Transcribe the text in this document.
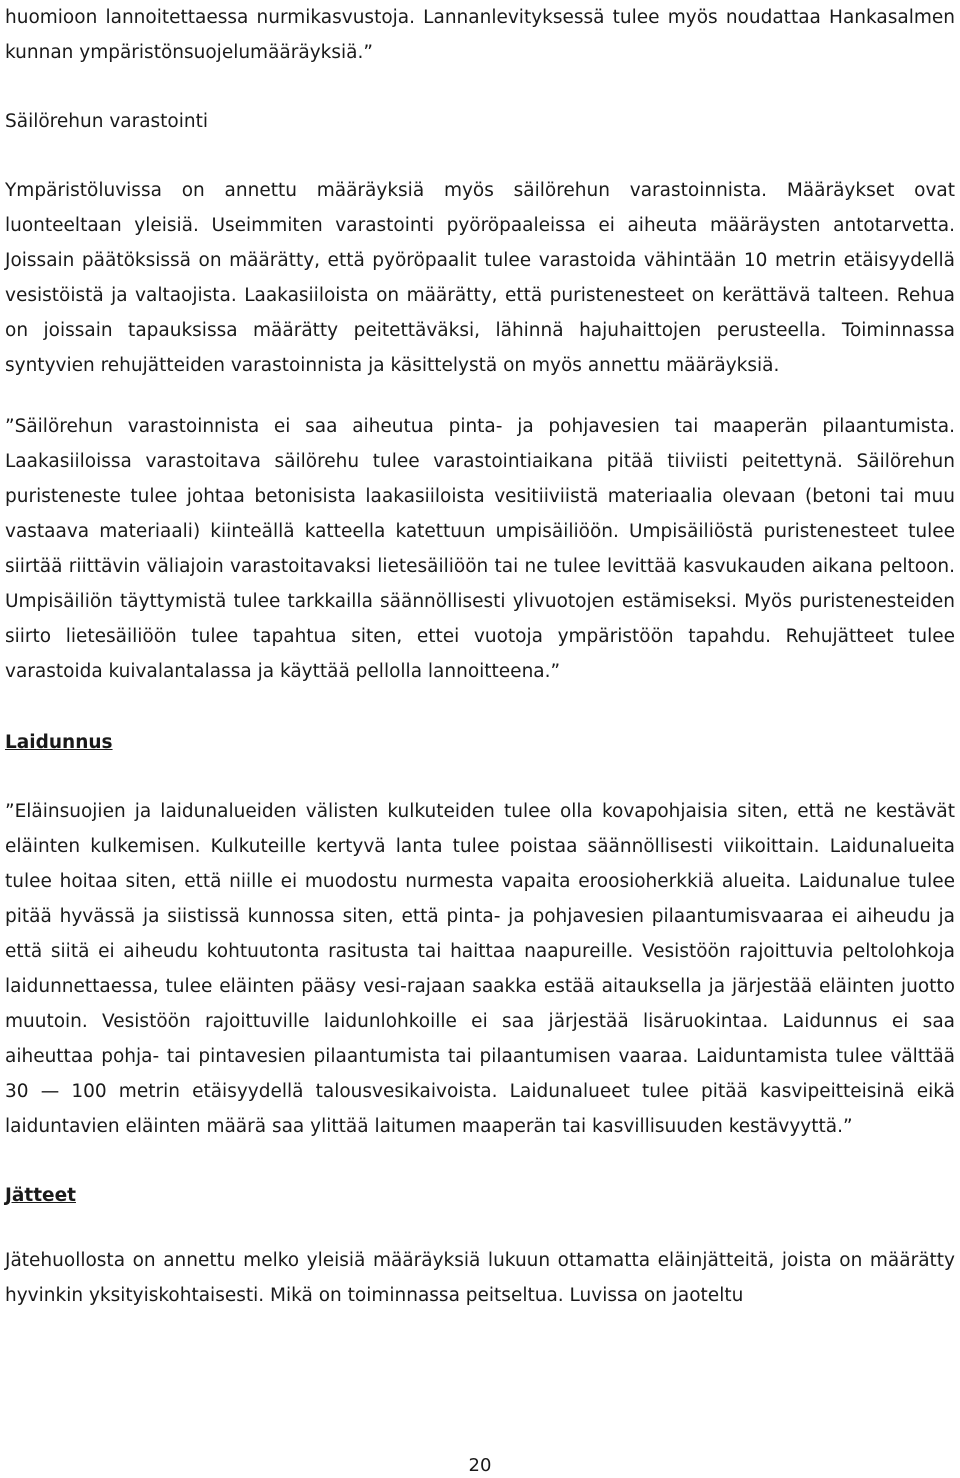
huomioon lannoitettaessa nurmikasvustoja. Lannanlevityksessä tulee myös noudattaa Hankasalmen kunnan ympäristönsuojelumääräyksiä.”

Säilörehun varastointi

Ympäristöluvissa on annettu määräyksiä myös säilörehun varastoinnista. Määräykset ovat luonteeltaan yleisiä. Useimmiten varastointi pyöröpaaleissa ei aiheuta määräysten antotarvetta. Joissain päätöksissä on määrätty, että pyöröpaalit tulee varastoida vähintään 10 metrin etäisyydellä vesistöistä ja valtaojista. Laakasiiloista on määrätty, että puristenesteet on kerättävä talteen. Rehua on joissain tapauksissa määrätty peitettäväksi, lähinnä hajuhaittojen perusteella. Toiminnassa syntyvien rehujätteiden varastoinnista ja käsittelystä on myös annettu määräyksiä.

”Säilörehun varastoinnista ei saa aiheutua pinta- ja pohjavesien tai maaperän pilaantumista. Laakasiiloissa varastoitava säilörehu tulee varastointiaikana pitää tiiviisti peitettynä. Säilörehun puristeneste tulee johtaa betonisista laakasiiloista vesitiiviistä materiaalia olevaan (betoni tai muu vastaava materiaali) kiinteällä katteella katettuun umpisäiliöön. Umpisäiliöstä puristenesteet tulee siirtää riittävin väliajoin varastoitavaksi lietesäiliöön tai ne tulee levittää kasvukauden aikana peltoon. Umpisäiliön täyttymistä tulee tarkkailla säännöllisesti ylivuotojen estämiseksi. Myös puristenesteiden siirto lietesäiliöön tulee tapahtua siten, ettei vuotoja ympäristöön tapahdu. Rehujätteet tulee varastoida kuivalantalassa ja käyttää pellolla lannoitteena.”

Laidunnus

”Eläinsuojien ja laidunalueiden välisten kulkuteiden tulee olla kovapohjaisia siten, että ne kestävät eläinten kulkemisen. Kulkuteille kertyvä lanta tulee poistaa säännöllisesti viikoittain. Laidunalueita tulee hoitaa siten, että niille ei muodostu nurmesta vapaita eroosioherkkiä alueita. Laidunalue tulee pitää hyvässä ja siistissä kunnossa siten, että pinta- ja pohjavesien pilaantumisvaaraa ei aiheudu ja että siitä ei aiheudu kohtuutonta rasitusta tai haittaa naapureille. Vesistöön rajoittuvia peltolohkoja laidunnettaessa, tulee eläinten pääsy vesi-rajaan saakka estää aitauksella ja järjestää eläinten juotto muutoin. Vesistöön rajoittuville laidunlohkoille ei saa järjestää lisäruokintaa. Laidunnus ei saa aiheuttaa pohja- tai pintavesien pilaantumista tai pilaantumisen vaaraa. Laiduntamista tulee välttää 30 — 100 metrin etäisyydellä talousvesikaivoista. Laidunalueet tulee pitää kasvipeitteisinä eikä laiduntavien eläinten määrä saa ylittää laitumen maaperän tai kasvillisuuden kestävyyttä.”

Jätteet

Jätehuollosta on annettu melko yleisiä määräyksiä lukuun ottamatta eläinjätteitä, joista on määrätty hyvinkin yksityiskohtaisesti. Mikä on toiminnassa peitseltua. Luvissa on jaoteltu

20
